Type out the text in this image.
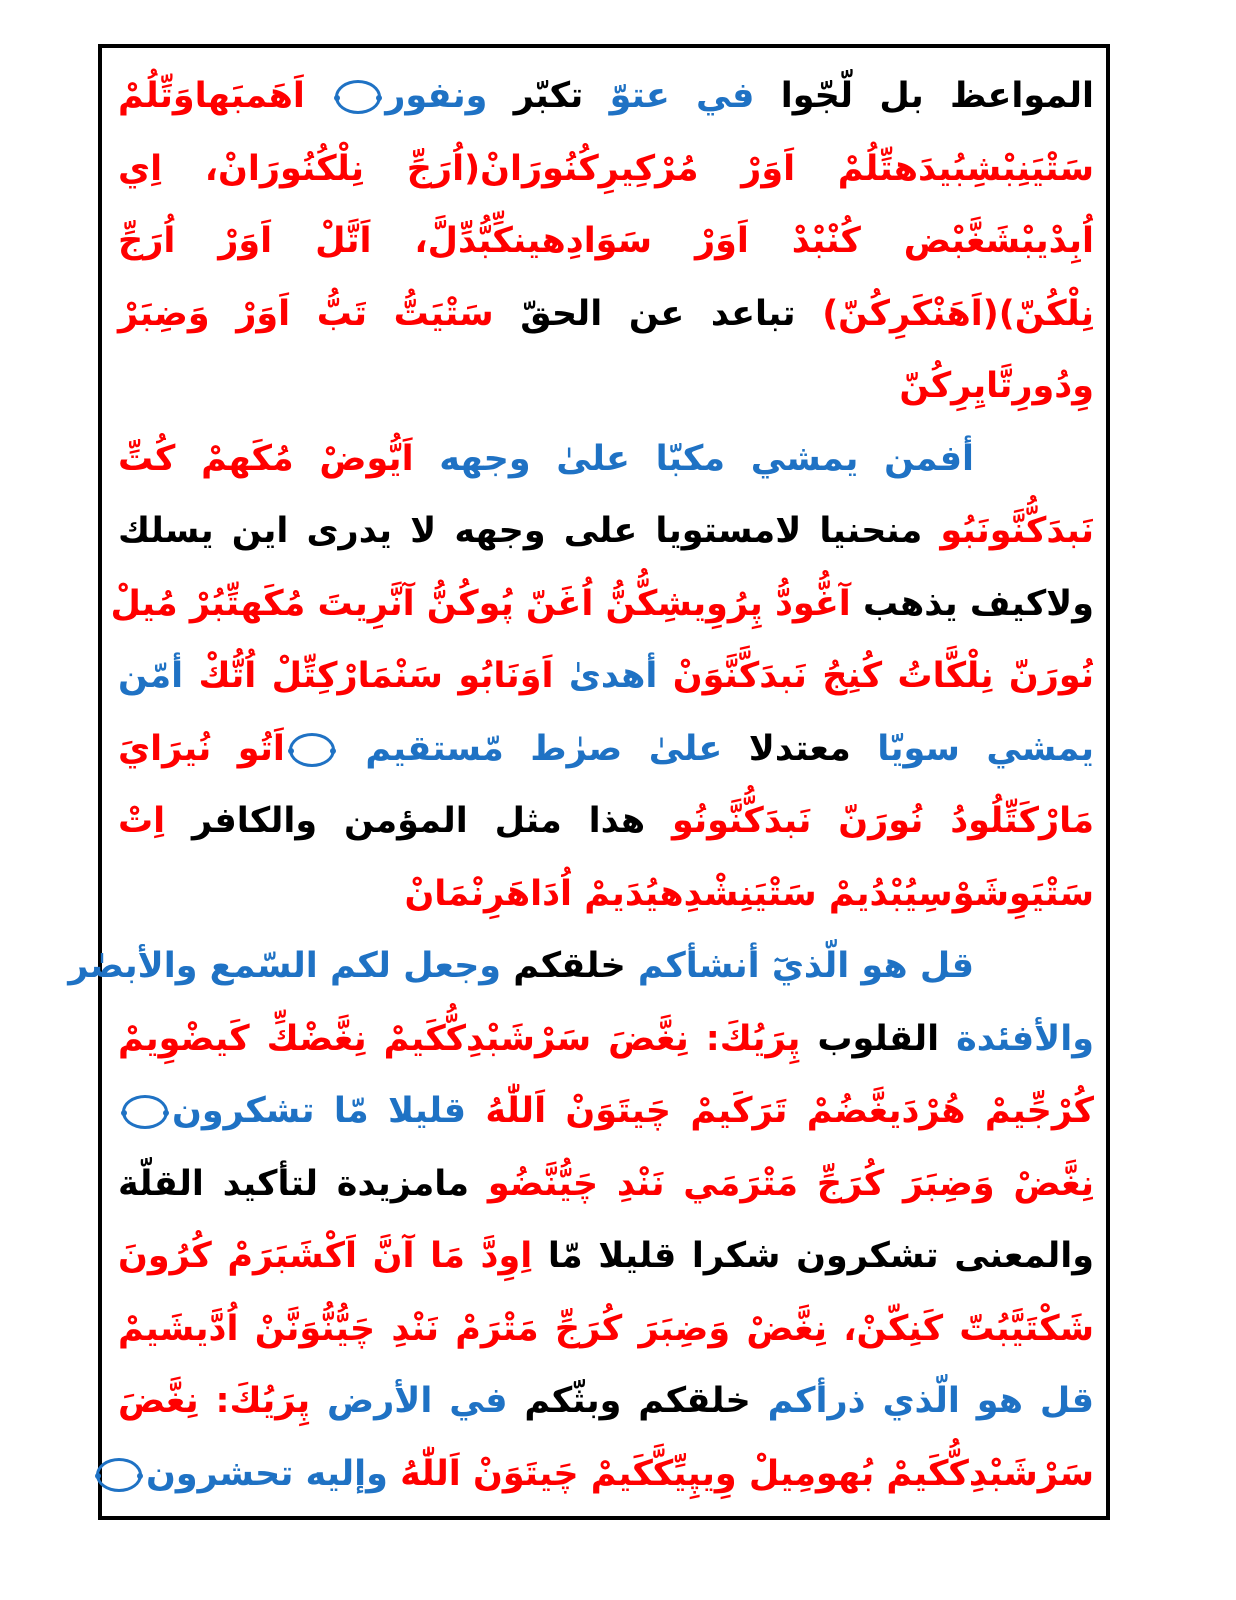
المواعظ بل لّجّوا في عتوّ تكبّر ونفور اَهَمبَهاوَتِّلُمْ
سَتْيَنِبْشِبُيدَهتِّلُمْ اَوَرْ مُرْكِيرِكُنُورَانْ(اُرَجِّ نِلْكُنُورَانْ، اِي
اُبِدْيبْشَغَّبْض كُنْبْدْ اَوَرْ سَوَادِهينكِّبُّدِّلَّ، اَتَّلْ اَوَرْ اُرَجِّ
نِلْكُنّ)(اَهَنْكَرِكُنّ) تباعد عن الحقّ سَتْيَتُّ تَبُّ اَوَرْ وَضِبَرْ
وِدُورِتَّايِرِكُنّ
أفمن يمشي مكبّا علىٰ وجهه اَيُّوضْ مُكَهمْ كُتِّ
نَبدَكُّنَّونَبُو منحنيا لامستويا على وجهه لا يدرى اين يسلك
ولاكيف يذهب آغُّودُّ پِرُوِيشِكُّنُّ اُغَنّ پُوكُنُّ آنَّرِيتَ مُكَهتِّبُرْ مُيلْ
نُورَنّ نِلْكَّاتُ كُنِجُ نَبدَكَّنَّوَنْ أهدىٰ اَوَنَابُو سَنْمَارْكِتِّلْ اُتُّكْ أمّن
يمشي سويّا معتدلا علىٰ صرٰط مّستقيم اَتُو نُيرَايَ
مَارْكَتِّلُودُ نُورَنّ نَبدَكُّنَّونُو هذا مثل المؤمن والكافر اِتْ
سَتْيَوِشَوْسِيُبْدُيمْ سَتْيَنِشْدِهيُدَيمْ اُدَاهَرِنْمَانْ
قل هو الّذيٓ أنشأكم خلقكم وجعل لكم السّمع والأبصٰر
والأفئدة القلوب پِرَيُكَ: نِغَّضَ سَرْشَبْدِكُّكَيمْ نِغَّضْكِّ كَيضْوِيمْ
كُرْجِّيمْ هُرْدَيغَّضُمْ تَرَكَيمْ چَيتَوَنْ اَللّٰهُ قليلا مّا تشكرون
نِغَّضْ وَضِبَرَ كُرَجِّ مَتْرَمَي نَنْدِ چَيُّنَّضُو مامزيدة لتأكيد القلّة
والمعنى تشكرون شكرا قليلا مّا اِوِدَّ مَا آنَّ اَكْشَبَرَمْ كُرُونَ
شَكْتَيَّبُتّ كَنِكّنْ، نِغَّضْ وَضِبَرَ كُرَجِّ مَتْرَمْ نَنْدِ چَيُّنُّوَنَّنْ اُدَّيشَيمْ
قل هو الّذي ذرأكم خلقكم وبثّكم في الأرض پِرَيُكَ: نِغَّضَ
سَرْشَبْدِكُّكَيمْ بُهومِيلْ وِيپِيِّكَّكَيمْ چَيتَوَنْ اَللّٰهُ وإليه تحشرون
